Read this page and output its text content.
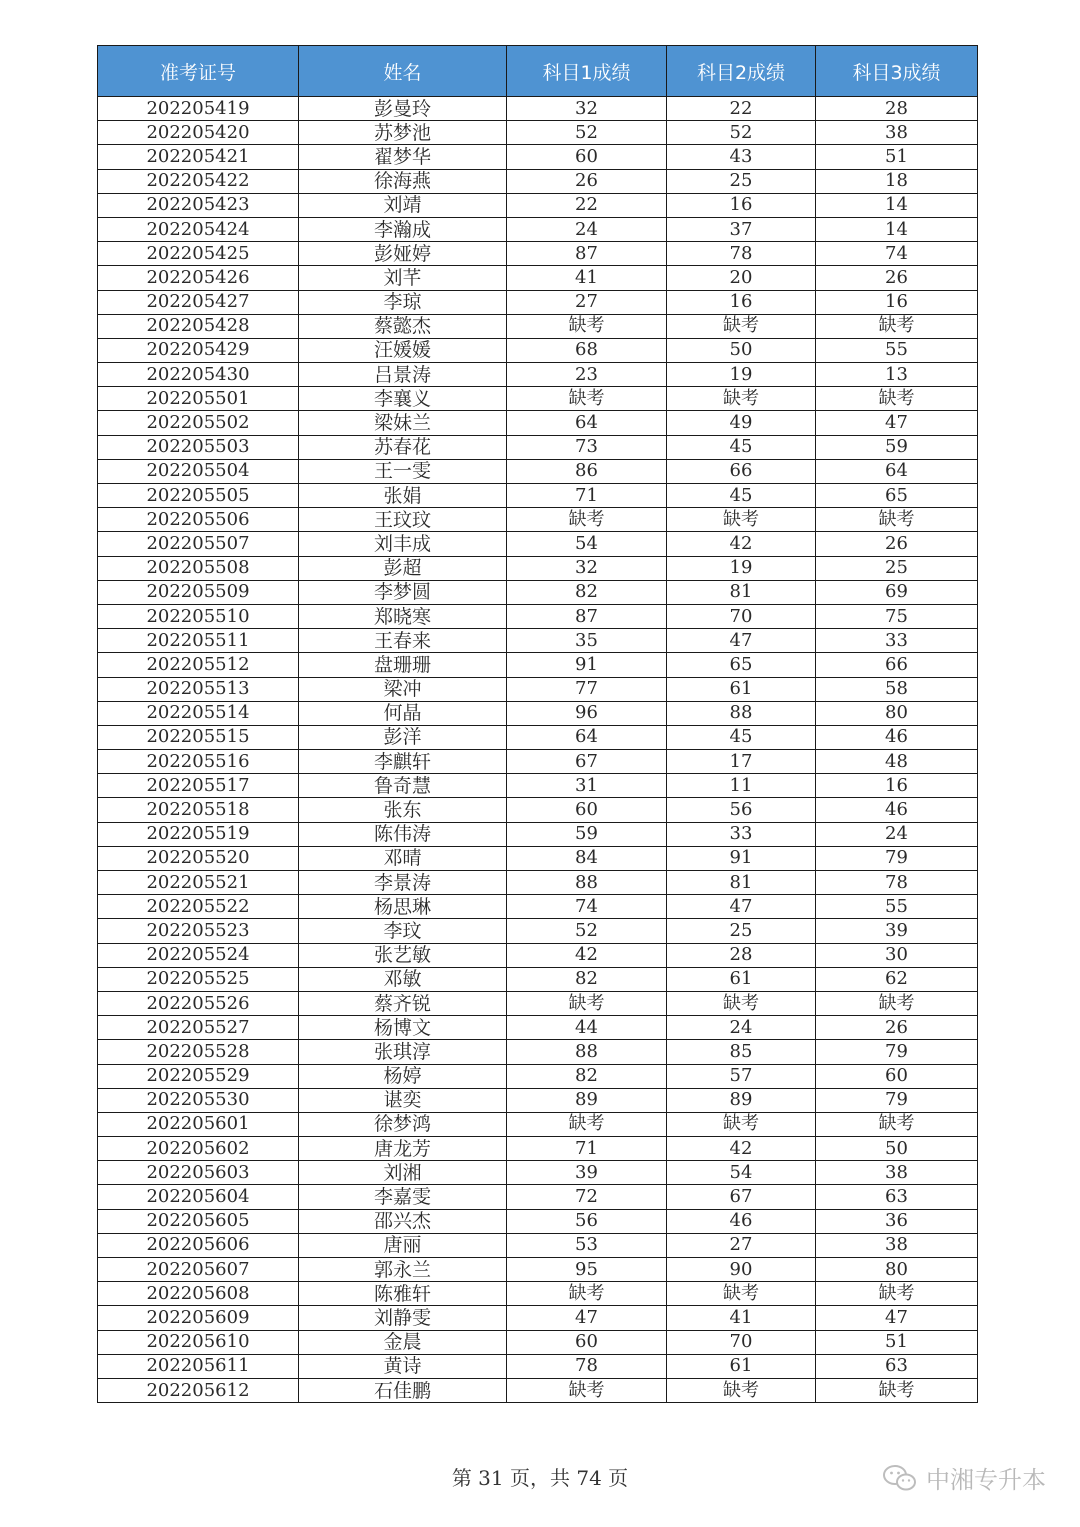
准考证号	姓名	科目1成绩	科目2成绩	科目3成绩
202205419	彭曼玲	32	22	28
202205420	苏梦池	52	52	38
202205421	翟梦华	60	43	51
202205422	徐海燕	26	25	18
202205423	刘靖	22	16	14
202205424	李瀚成	24	37	14
202205425	彭娅婷	87	78	74
202205426	刘芊	41	20	26
202205427	李琼	27	16	16
202205428	蔡懿杰	缺考	缺考	缺考
202205429	汪媛媛	68	50	55
202205430	吕景涛	23	19	13
202205501	李襄义	缺考	缺考	缺考
202205502	梁妹兰	64	49	47
202205503	苏春花	73	45	59
202205504	王一雯	86	66	64
202205505	张娟	71	45	65
202205506	王玟玟	缺考	缺考	缺考
202205507	刘丰成	54	42	26
202205508	彭超	32	19	25
202205509	李梦圆	82	81	69
202205510	郑晓寒	87	70	75
202205511	王春来	35	47	33
202205512	盘珊珊	91	65	66
202205513	梁冲	77	61	58
202205514	何晶	96	88	80
202205515	彭洋	64	45	46
202205516	李麒轩	67	17	48
202205517	鲁奇慧	31	11	16
202205518	张东	60	56	46
202205519	陈伟涛	59	33	24
202205520	邓晴	84	91	79
202205521	李景涛	88	81	78
202205522	杨思琳	74	47	55
202205523	李玟	52	25	39
202205524	张艺敏	42	28	30
202205525	邓敏	82	61	62
202205526	蔡齐锐	缺考	缺考	缺考
202205527	杨博文	44	24	26
202205528	张琪淳	88	85	79
202205529	杨婷	82	57	60
202205530	谌奕	89	89	79
202205601	徐梦鸿	缺考	缺考	缺考
202205602	唐龙芳	71	42	50
202205603	刘湘	39	54	38
202205604	李嘉雯	72	67	63
202205605	邵兴杰	56	46	36
202205606	唐丽	53	27	38
202205607	郭永兰	95	90	80
202205608	陈雅轩	缺考	缺考	缺考
202205609	刘静雯	47	41	47
202205610	金晨	60	70	51
202205611	黄诗	78	61	63
202205612	石佳鹏	缺考	缺考	缺考
第 31 页，共 74 页	中湘专升本
